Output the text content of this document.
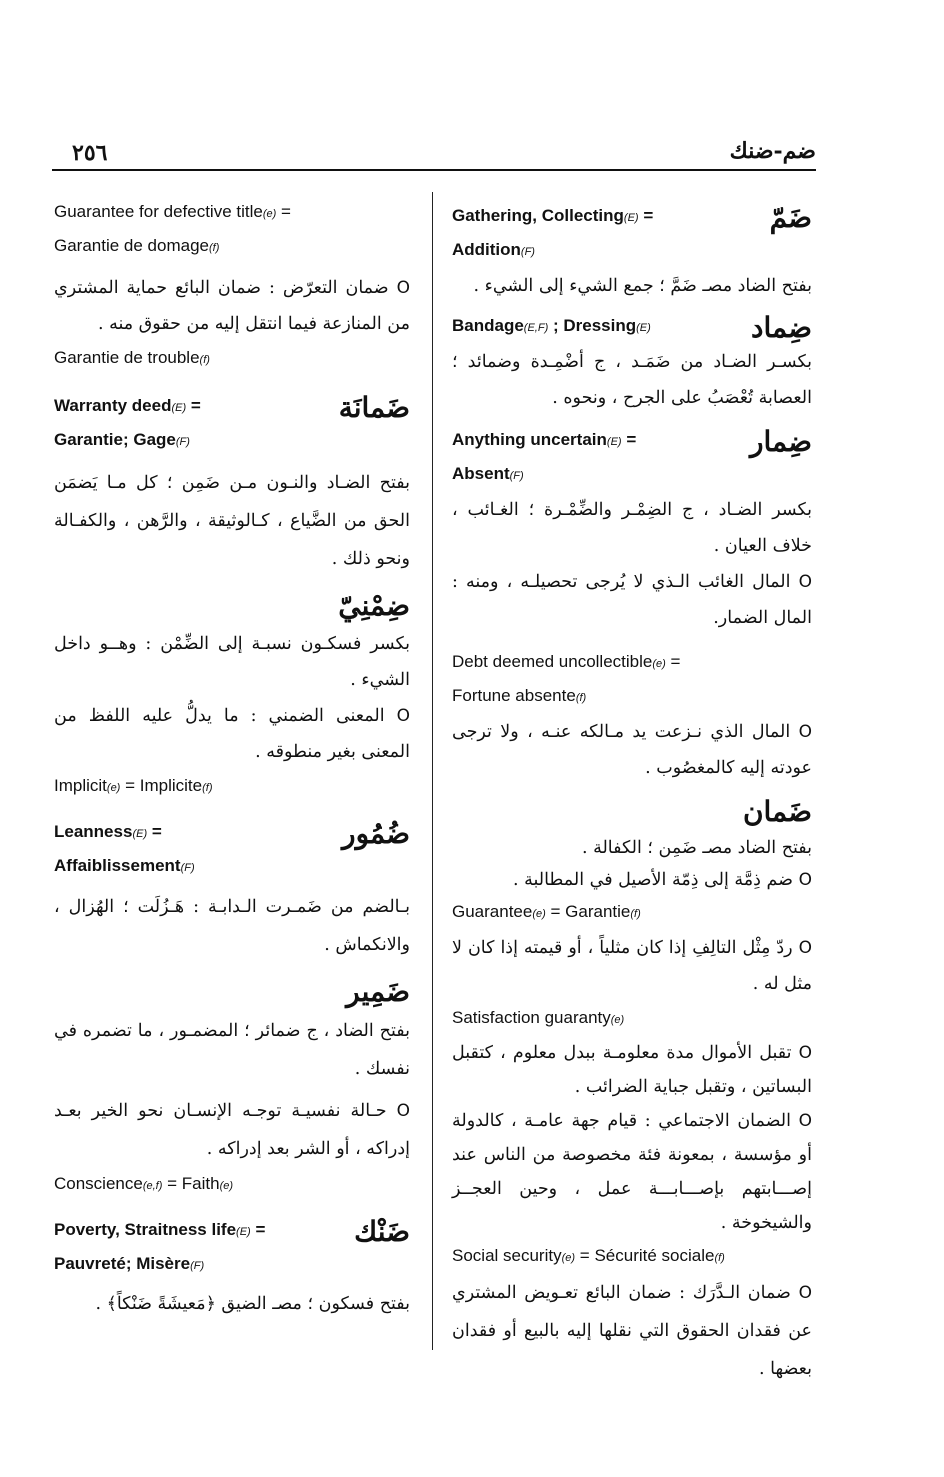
٢٥٦	ضم-ضنك

Guarantee for defective title(e) =

Garantie de domage(f)

O ضمان التعرّض : ضمان البائع حماية المشتري من المنازعة فيما انتقل إليه من حقوق منه .

Garantie de trouble(f)

ضَمانَة

Warranty deed(E) =

Garantie; Gage(F)

بفتح الضـاد والنـون مـن ضَمِن ؛ كل مـا يَضمَن الحق من الضَّياع ، كـالوثيقة ، والرَّهن ، والكفـالة ونحو ذلك .

ضِمْنِيّ

بكسر فسكـون نسبـة إلى الضِّمْن : وهــو داخل الشيء .

O المعنى الضمني : ما يدلُّ عليه اللفظ من المعنى بغير منطوقه .

Implicit(e) = Implicite(f)

ضُمُور

Leanness(E) =

Affaiblissement(F)

بـالضم من ضَمـرت الـدابـة : هَـزُلَت ؛ الهُزال ، والانكماش .

ضَمِير

بفتح الضاد ، ج ضمائر ؛ المضمـور ، ما تضمره في نفسك .

O حـالة نفسيـة توجـه الإنسـان نحو الخير بعـد إدراكه ، أو الشر بعد إدراكه .

Conscience(e,f) = Faith(e)

ضَنْك

Poverty, Straitness life(E) =

Pauvreté; Misère(F)

بفتح فسكون ؛ مصـ الضيق ﴿مَعيشَةً ضَنْكاً﴾ .

ضَمّ

Gathering, Collecting(E) =

Addition(F)

بفتح الضاد مصـ ضَمَّ ؛ جمع الشيء إلى الشيء .

ضِماد

Bandage(E,F) ; Dressing(E)

بكسـر الضـاد من ضَمَـد ، ج أضْمِـدة وضمائد ؛ العصابة تُعْصَبُ على الجرح ، ونحوه .

ضِمار

Anything uncertain(E) =

Absent(F)

بكسر الضـاد ، ج الضِمْـر والضِّمْـرة ؛ الغـائب ، خلاف العيان .

O المال الغائب الـذي لا يُرجى تحصيلـه ، ومنه : المال الضمار.

Debt deemed uncollectible(e) =

Fortune absente(f)

O المال الذي نـزعت يد مـالكه عنـه ، ولا ترجى عودته إليه كالمغصُوب .

ضَمان

بفتح الضاد مصـ ضَمِن ؛ الكفالة .

O ضم ذِمَّة إلى ذِمّة الأصيل في المطالبة .

Guarantee(e) = Garantie(f)

O ردّ مِثْل التالِفِ إذا كان مثلياً ، أو قيمته إذا كان لا مثل له .

Satisfaction guaranty(e)

O تقبل الأموال مدة معلومـة ببدل معلوم ، كتقبل البساتين ، وتقبل جباية الضرائب .

O الضمان الاجتماعي : قيام جهة عامـة ، كالدولة أو مؤسسة ، بمعونة فئة مخصوصة من الناس عند إصـــابتهم بإصـــابـــة عمل ، وحين العجــز والشيخوخة .

Social security(e) = Sécurité sociale(f)

O ضمان الـدَّرَك : ضمان البائع تعـويض المشتري عن فقدان الحقوق التي نقلها إليه بالبيع أو فقدان بعضها .
